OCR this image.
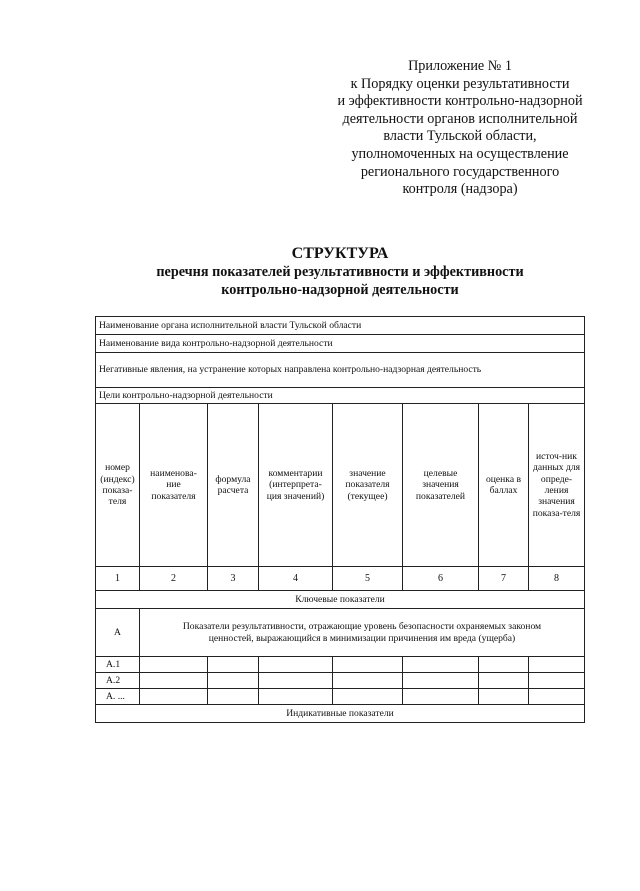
Приложение № 1
к Порядку оценки результативности
и эффективности контрольно-надзорной
деятельности органов исполнительной
власти Тульской области,
уполномоченных на осуществление
регионального государственного
контроля (надзора)
СТРУКТУРА
перечня показателей результативности и эффективности
контрольно-надзорной деятельности
Наименование органа исполнительной власти Тульской области							
Наименование вида контрольно-надзорной деятельности							
Негативные явления, на устранение которых направлена контрольно-надзорная деятельность							
Цели контрольно-надзорной деятельности							
номер (индекс) показа-теля	наименова-ние показателя	формула расчета	комментарии (интерпрета-ция значений)	значение показателя (текущее)	целевые значения показателей	оценка в баллах	источ-ник данных для опреде-ления значения показа-теля
1	2	3	4	5	6	7	8
Ключевые показатели							
А	Показатели результативности, отражающие уровень безопасности охраняемых законом
ценностей, выражающийся в минимизации причинения им вреда (ущерба)						

А.1							
А.2							
А. ...							
Индикативные показатели							
